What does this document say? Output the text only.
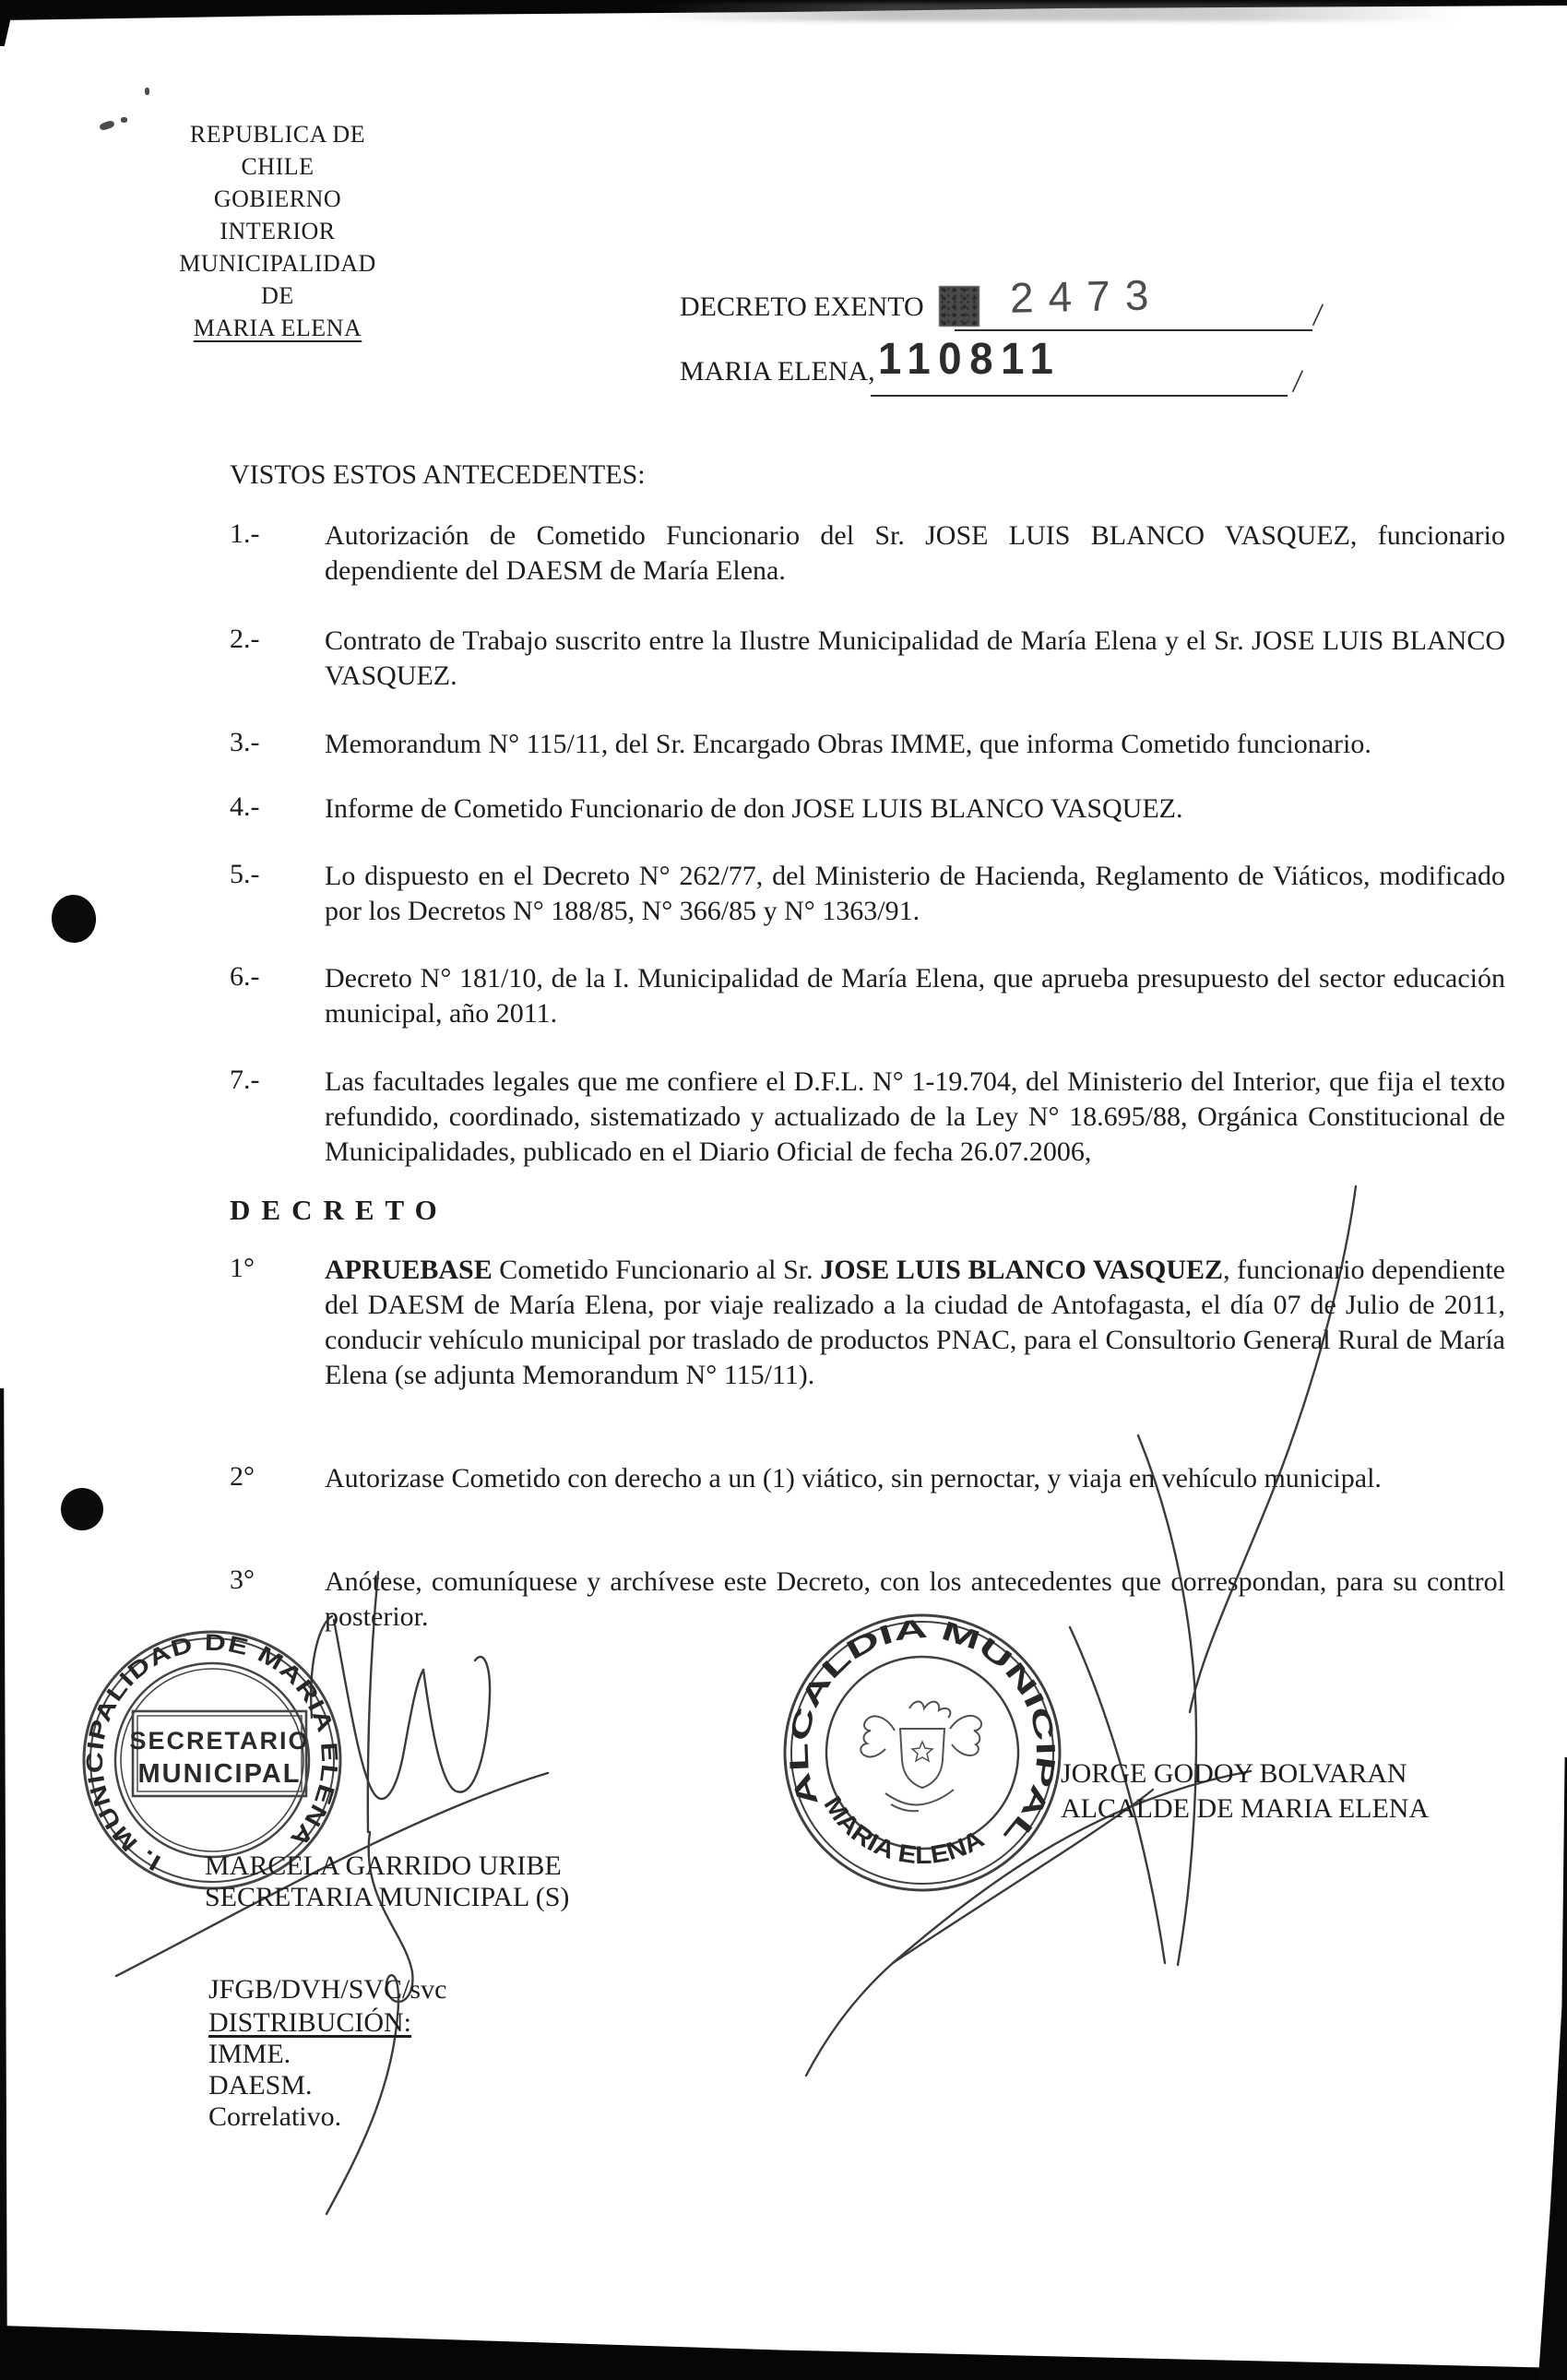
REPUBLICA DE CHILE
GOBIERNO INTERIOR
MUNICIPALIDAD DE
MARIA ELENA
DECRETO EXENTO 2473	/
MARIA ELENA, 110811	/
VISTOS ESTOS ANTECEDENTES:
1.-	Autorización de Cometido Funcionario del Sr. JOSE LUIS BLANCO VASQUEZ, funcionario dependiente del DAESM de María Elena.
2.-	Contrato de Trabajo suscrito entre la Ilustre Municipalidad de María Elena y el Sr. JOSE LUIS BLANCO VASQUEZ.
3.-	Memorandum N° 115/11, del Sr. Encargado Obras IMME, que informa Cometido funcionario.
4.-	Informe de Cometido Funcionario de don JOSE LUIS BLANCO VASQUEZ.
5.-	Lo dispuesto en el Decreto N° 262/77, del Ministerio de Hacienda, Reglamento de Viáticos, modificado por los Decretos N° 188/85, N° 366/85 y N° 1363/91.
6.-	Decreto N° 181/10, de la I. Municipalidad de María Elena, que aprueba presupuesto del sector educación municipal, año 2011.
7.-	Las facultades legales que me confiere el D.F.L. N° 1-19.704, del Ministerio del Interior, que fija el texto refundido, coordinado, sistematizado y actualizado de la Ley N° 18.695/88, Orgánica Constitucional de Municipalidades, publicado en el Diario Oficial de fecha 26.07.2006,
DECRETO
1°	APRUEBASE Cometido Funcionario al Sr. JOSE LUIS BLANCO VASQUEZ, funcionario dependiente del DAESM de María Elena, por viaje realizado a la ciudad de Antofagasta, el día 07 de Julio de 2011, conducir vehículo municipal por traslado de productos PNAC, para el Consultorio General Rural de María Elena (se adjunta Memorandum N° 115/11).
2°	Autorizase Cometido con derecho a un (1) viático, sin pernoctar, y viaja en vehículo municipal.
3°	Anótese, comuníquese y archívese este Decreto, con los antecedentes que correspondan, para su control posterior.
I. MUNICIPALIDAD DE MARIA ELENA
SECRETARIO
MUNICIPAL
ALCALDIA MUNICIPAL
MARIA ELENA
JORGE GODOY BOLVARAN
ALCALDE DE MARIA ELENA
MARCELA GARRIDO URIBE
SECRETARIA MUNICIPAL (S)
JFGB/DVH/SVC/svc
DISTRIBUCIÓN:
IMME.
DAESM.
Correlativo.
